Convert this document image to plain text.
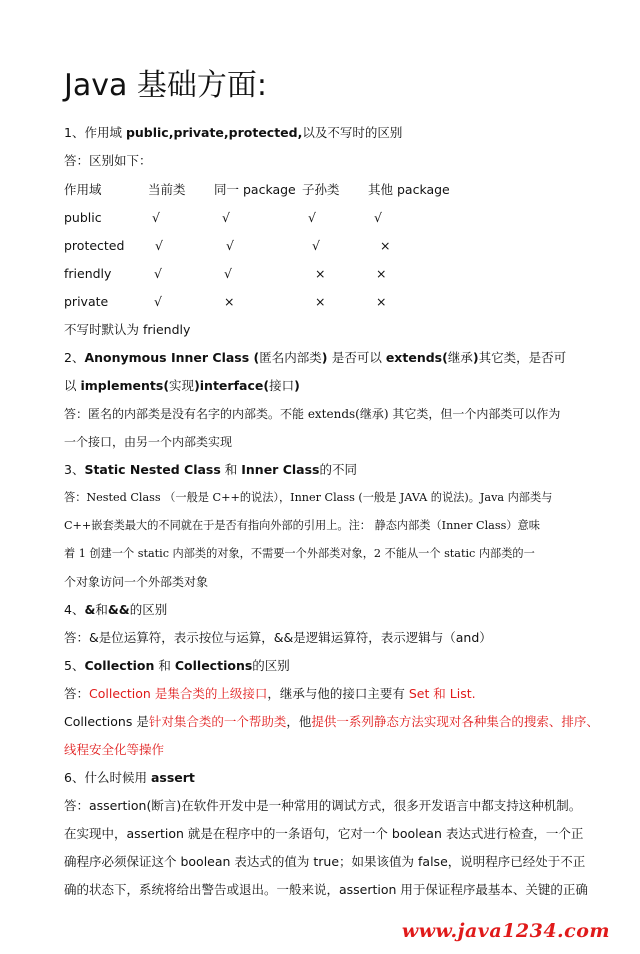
Java 基础方面:
1、作用域 public,private,protected,以及不写时的区别
答：区别如下：
作用域	当前类 同一 package 子孙类 其他 package
public	√	√	√	√
protected √	√	√	×
friendly	√	√	×	×
private	√	×	×	×
不写时默认为 friendly
2、Anonymous Inner Class (匿名内部类) 是否可以 extends(继承)其它类，是否可
以 implements(实现)interface(接口)
答：匿名的内部类是没有名字的内部类。不能 extends(继承) 其它类，但一个内部类可以作为
一个接口，由另一个内部类实现
3、Static Nested Class 和 Inner Class的不同
答：Nested Class （一般是 C++的说法），Inner Class (一般是 JAVA 的说法)。Java 内部类与
C++嵌套类最大的不同就在于是否有指向外部的引用上。注： 静态内部类（Inner Class）意味
着 1 创建一个 static 内部类的对象，不需要一个外部类对象，2 不能从一个 static 内部类的一
个对象访问一个外部类对象
4、&和&&的区别
答：&是位运算符，表示按位与运算，&&是逻辑运算符，表示逻辑与（and）
5、Collection 和 Collections的区别
答：Collection 是集合类的上级接口，继承与他的接口主要有 Set 和 List.
Collections 是针对集合类的一个帮助类，他提供一系列静态方法实现对各种集合的搜索、排序、
线程安全化等操作
6、什么时候用 assert
答：assertion(断言)在软件开发中是一种常用的调试方式，很多开发语言中都支持这种机制。
在实现中，assertion 就是在程序中的一条语句，它对一个 boolean 表达式进行检查，一个正
确程序必须保证这个 boolean 表达式的值为 true；如果该值为 false，说明程序已经处于不正
确的状态下，系统将给出警告或退出。一般来说，assertion 用于保证程序最基本、关键的正确
www.java1234.com
